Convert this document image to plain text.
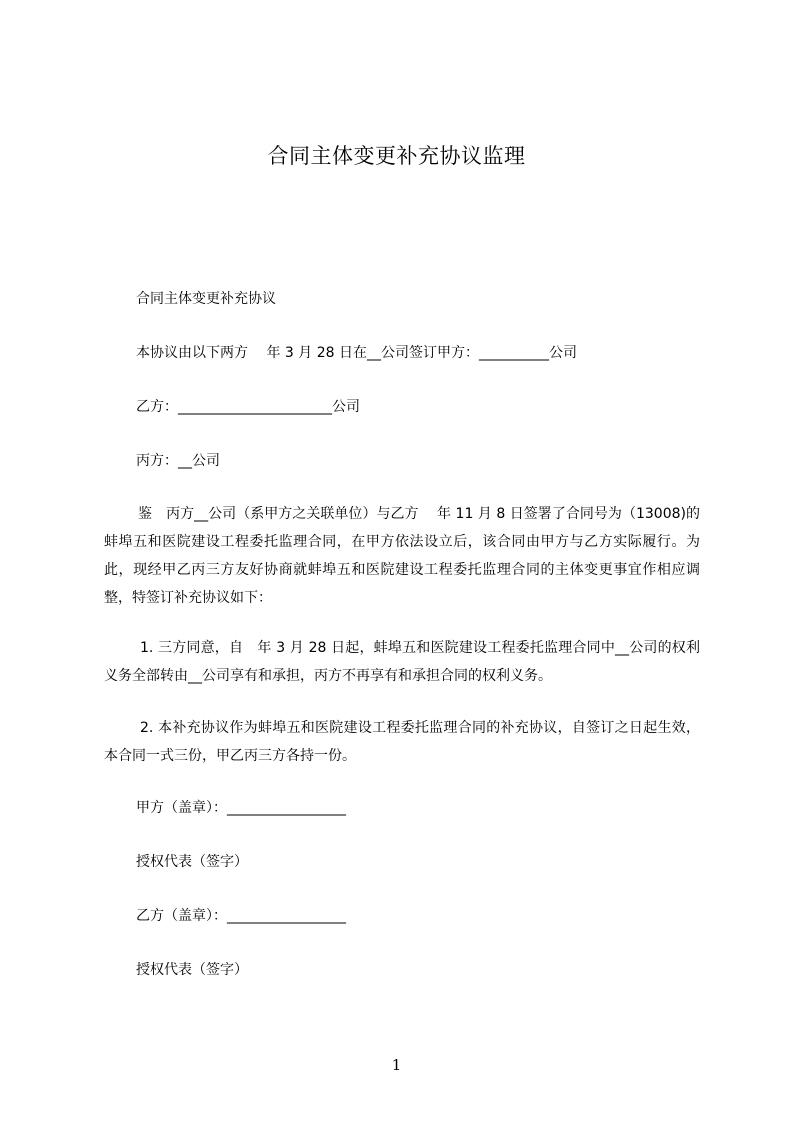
合同主体变更补充协议监理
合同主体变更补充协议
本协议由以下两方　 年 3 月 28 日在__公司签订甲方：__________公司
乙方：______________________公司
丙方：__公司
鉴　丙方__公司（系甲方之关联单位）与乙方　 年 11 月 8 日签署了合同号为（13008)的蚌埠五和医院建设工程委托监理合同，在甲方依法设立后，该合同由甲方与乙方实际履行。为此，现经甲乙丙三方友好协商就蚌埠五和医院建设工程委托监理合同的主体变更事宜作相应调整，特签订补充协议如下：
1. 三方同意，自　年 3 月 28 日起，蚌埠五和医院建设工程委托监理合同中__公司的权利义务全部转由__公司享有和承担，丙方不再享有和承担合同的权利义务。
2. 本补充协议作为蚌埠五和医院建设工程委托监理合同的补充协议，自签订之日起生效，本合同一式三份，甲乙丙三方各持一份。
甲方（盖章）：_________________
授权代表（签字）
乙方（盖章）：_________________
授权代表（签字）
1
